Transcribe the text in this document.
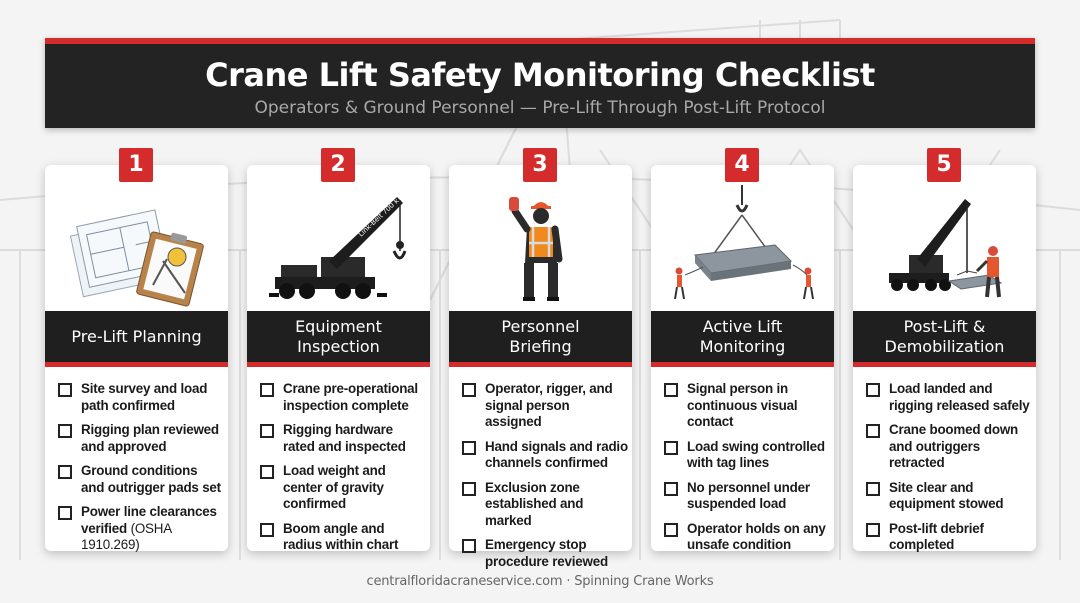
Crane Lift Safety Monitoring Checklist
Operators & Ground Personnel — Pre-Lift Through Post-Lift Protocol
1	2	3	4	5
Pre-Lift Planning
Site survey and load path confirmed
Rigging plan reviewed and approved
Ground conditions and outrigger pads set
Power line clearances verified (OSHA 1910.269)
Link-Belt 700 k
Equipment
Inspection
Crane pre-operational inspection complete
Rigging hardware rated and inspected
Load weight and center of gravity confirmed
Boom angle and radius within chart
Personnel
Briefing
Operator, rigger, and signal person assigned
Hand signals and radio channels confirmed
Exclusion zone established and marked
Emergency stop procedure reviewed
Active Lift
Monitoring
Signal person in continuous visual contact
Load swing controlled with tag lines
No personnel under suspended load
Operator holds on any unsafe condition
Post-Lift &
Demobilization
Load landed and rigging released safely
Crane boomed down and outriggers retracted
Site clear and equipment stowed
Post-lift debrief completed
centralfloridacraneservice.com · Spinning Crane Works
